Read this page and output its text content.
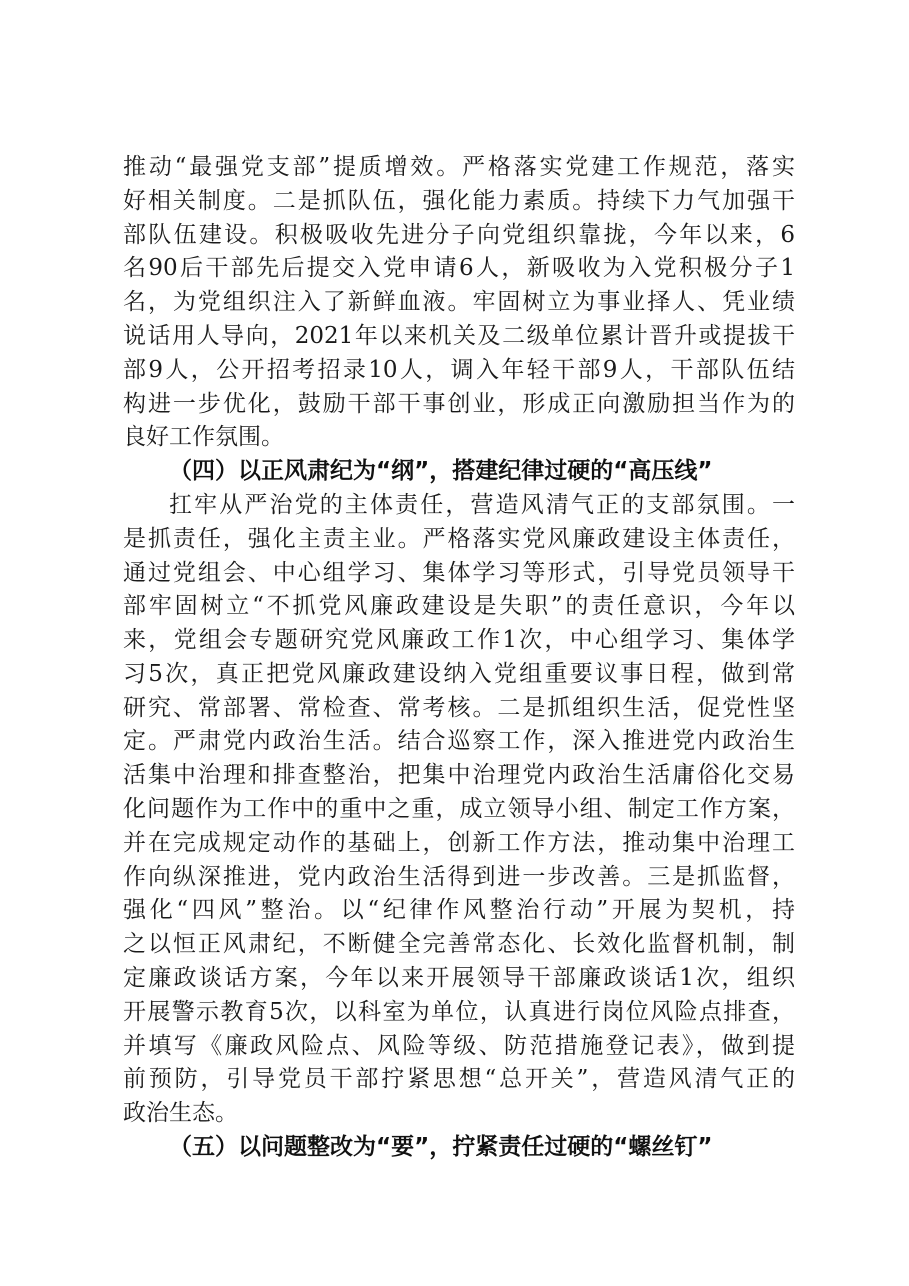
推动“最强党支部”提质增效。严格落实党建工作规范，落实
好相关制度。二是抓队伍，强化能力素质。持续下力气加强干
部队伍建设。积极吸收先进分子向党组织靠拢，今年以来，6
名90后干部先后提交入党申请6人，新吸收为入党积极分子1
名，为党组织注入了新鲜血液。牢固树立为事业择人、凭业绩
说话用人导向，2021年以来机关及二级单位累计晋升或提拔干
部9人，公开招考招录10人，调入年轻干部9人，干部队伍结
构进一步优化，鼓励干部干事创业，形成正向激励担当作为的
良好工作氛围。
（四）以正风肃纪为“纲”，搭建纪律过硬的“高压线”
扛牢从严治党的主体责任，营造风清气正的支部氛围。一
是抓责任，强化主责主业。严格落实党风廉政建设主体责任，
通过党组会、中心组学习、集体学习等形式，引导党员领导干
部牢固树立“不抓党风廉政建设是失职”的责任意识，今年以
来，党组会专题研究党风廉政工作1次，中心组学习、集体学
习5次，真正把党风廉政建设纳入党组重要议事日程，做到常
研究、常部署、常检查、常考核。二是抓组织生活，促党性坚
定。严肃党内政治生活。结合巡察工作，深入推进党内政治生
活集中治理和排查整治，把集中治理党内政治生活庸俗化交易
化问题作为工作中的重中之重，成立领导小组、制定工作方案，
并在完成规定动作的基础上，创新工作方法，推动集中治理工
作向纵深推进，党内政治生活得到进一步改善。三是抓监督，
强化“四风”整治。以“纪律作风整治行动”开展为契机，持
之以恒正风肃纪，不断健全完善常态化、长效化监督机制，制
定廉政谈话方案，今年以来开展领导干部廉政谈话1次，组织
开展警示教育5次，以科室为单位，认真进行岗位风险点排查，
并填写《廉政风险点、风险等级、防范措施登记表》，做到提
前预防，引导党员干部拧紧思想“总开关”，营造风清气正的
政治生态。
（五）以问题整改为“要”，拧紧责任过硬的“螺丝钉”
